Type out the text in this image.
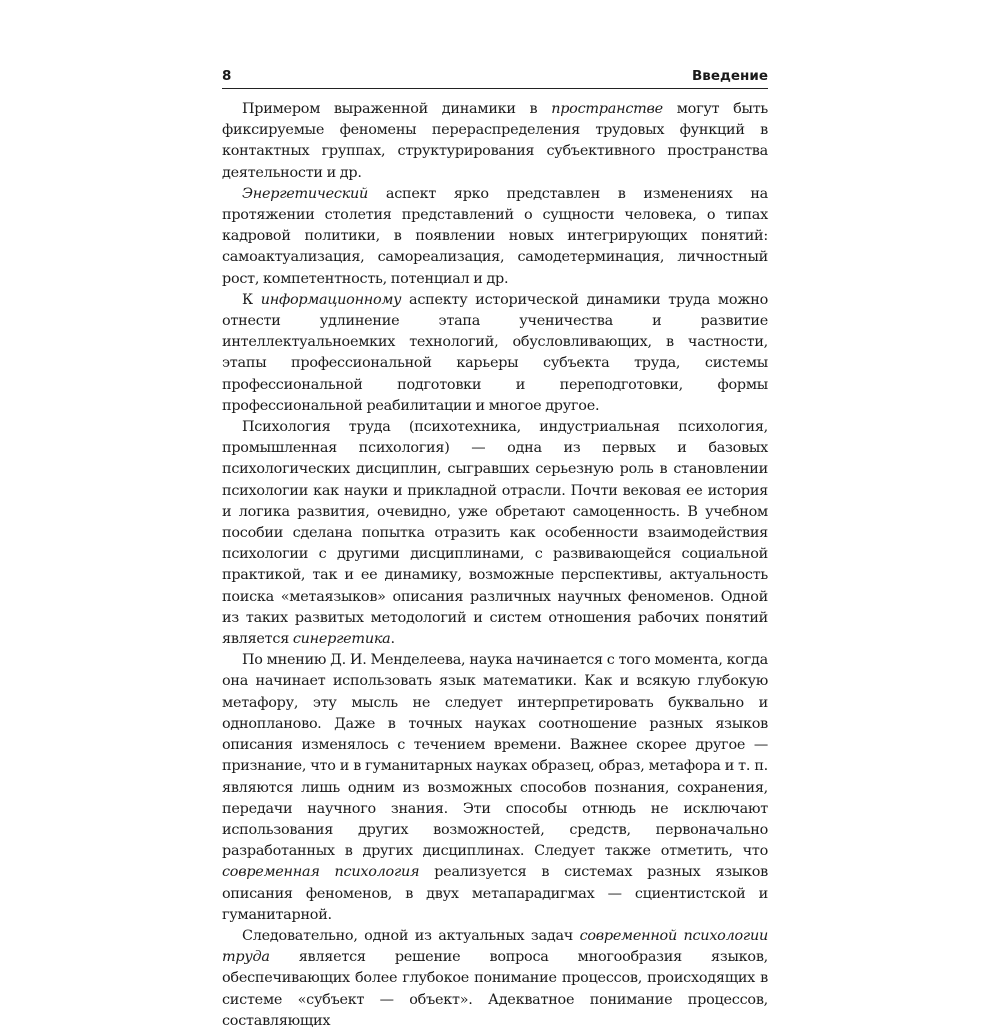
8	Введение

Примером выраженной динамики в пространстве могут быть фиксируемые феномены перераспределения трудовых функций в контактных группах, структурирования субъективного пространства деятельности и др.

Энергетический аспект ярко представлен в изменениях на протяжении столетия представлений о сущности человека, о типах кадровой политики, в появлении новых интегрирующих понятий: самоактуализация, самореализация, самодетерминация, личностный рост, компетентность, потенциал и др.

К информационному аспекту исторической динамики труда можно отнести удлинение этапа ученичества и развитие интеллектуальноемких технологий, обусловливающих, в частности, этапы профессиональной карьеры субъекта труда, системы профессиональной подготовки и переподготовки, формы профессиональной реабилитации и многое другое.

Психология труда (психотехника, индустриальная психология, промышленная психология) — одна из первых и базовых психологических дисциплин, сыгравших серьезную роль в становлении психологии как науки и прикладной отрасли. Почти вековая ее история и логика развития, очевидно, уже обретают самоценность. В учебном пособии сделана попытка отразить как особенности взаимодействия психологии с другими дисциплинами, с развивающейся социальной практикой, так и ее динамику, возможные перспективы, актуальность поиска «метаязыков» описания различных научных феноменов. Одной из таких развитых методологий и систем отношения рабочих понятий является синергетика.

По мнению Д. И. Менделеева, наука начинается с того момента, когда она начинает использовать язык математики. Как и всякую глубокую метафору, эту мысль не следует интерпретировать буквально и одноплановo. Даже в точных науках соотношение разных языков описания изменялось с течением времени. Важнее скорее другое — признание, что и в гуманитарных науках образец, образ, метафора и т. п. являются лишь одним из возможных способов познания, сохранения, передачи научного знания. Эти способы отнюдь не исключают использования других возможностей, средств, первоначально разработанных в других дисциплинах. Следует также отметить, что современная психология реализуется в системах разных языков описания феноменов, в двух метапарадигмах — сциентистской и гуманитарной.

Следовательно, одной из актуальных задач современной психологии труда является решение вопроса многообразия языков, обеспечивающих более глубокое понимание процессов, происходящих в системе «субъект — объект». Адекватное понимание процессов, составляющих
